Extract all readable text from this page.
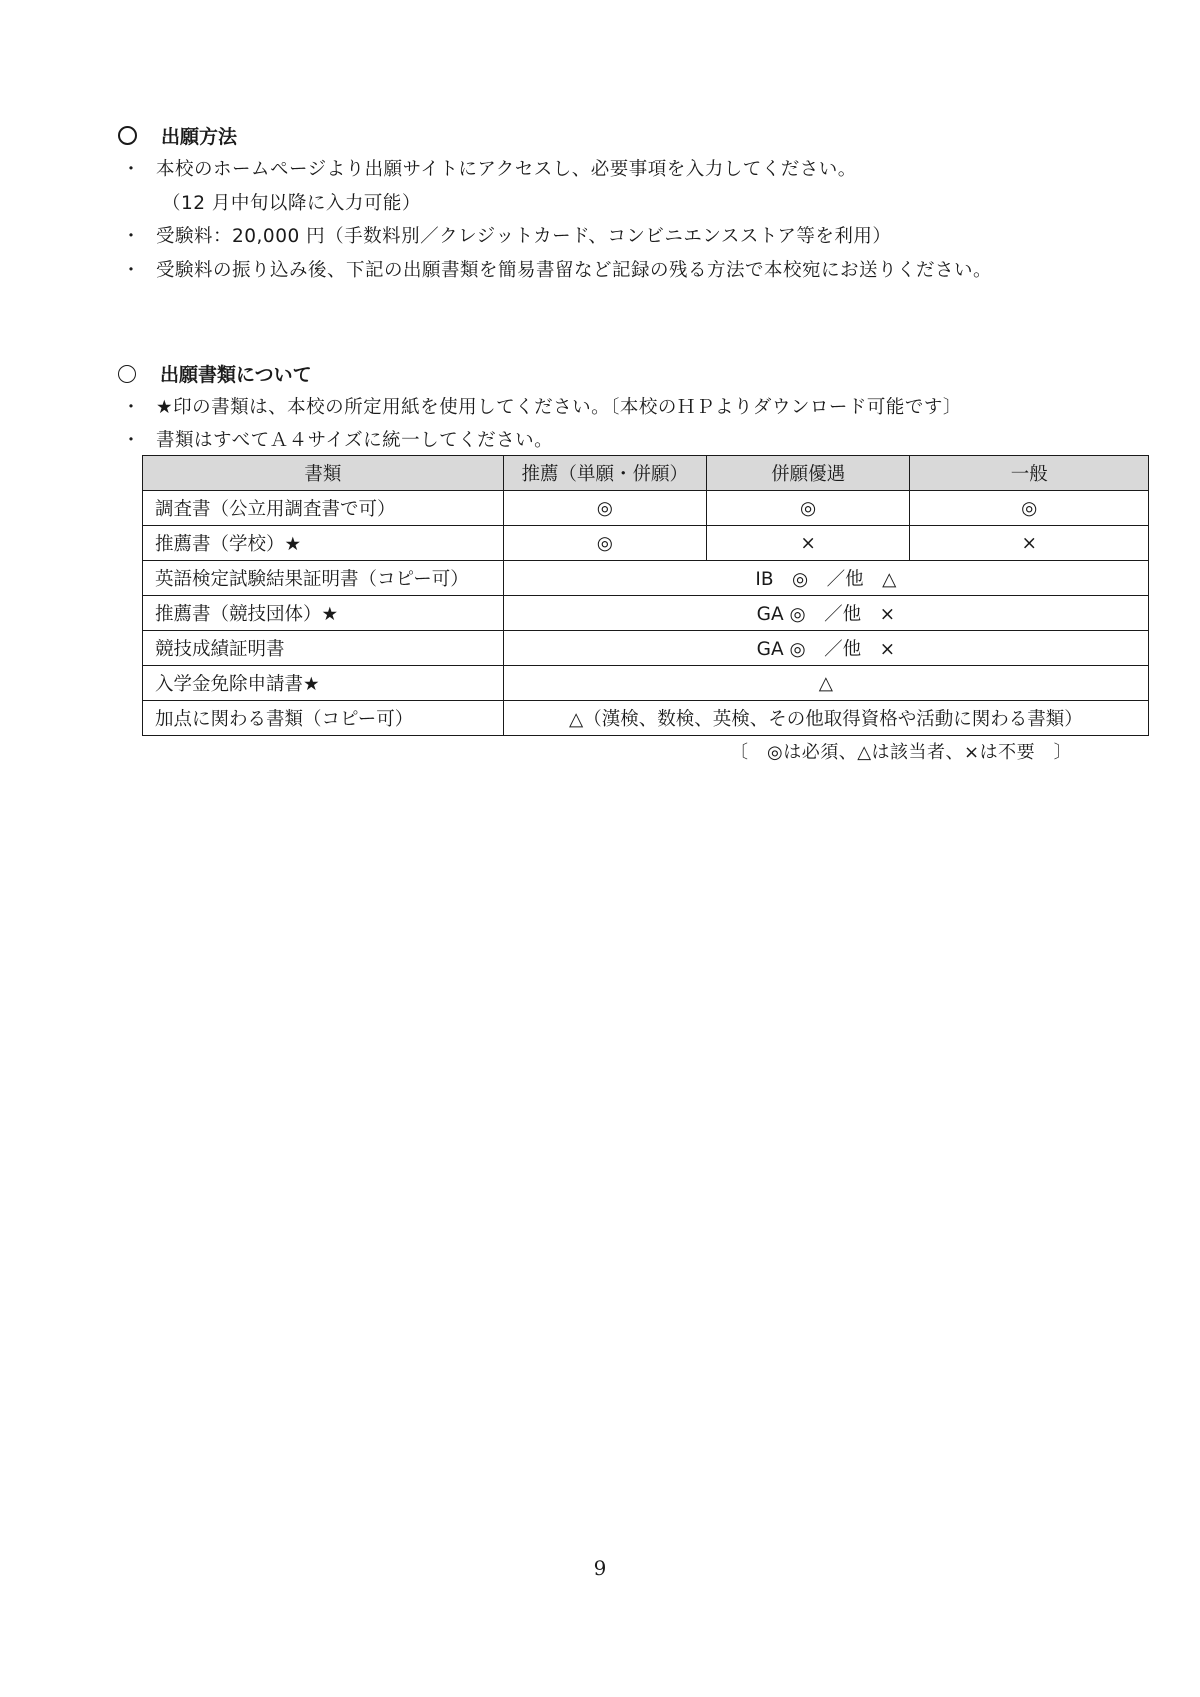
出願方法
・ 本校のホームページより出願サイトにアクセスし、必要事項を入力してください。
（12 月中旬以降に入力可能）
・ 受験料：20,000 円（手数料別／クレジットカード、コンビニエンスストア等を利用）
・ 受験料の振り込み後、下記の出願書類を簡易書留など記録の残る方法で本校宛にお送りください。
出願書類について
・ ★印の書類は、本校の所定用紙を使用してください。〔本校のＨＰよりダウンロード可能です〕
・ 書類はすべてＡ４サイズに統一してください。
書類	推薦（単願・併願）	併願優遇	一般
調査書（公立用調査書で可）	◎	◎	◎
推薦書（学校）★	◎	×	×
英語検定試験結果証明書（コピー可）	IB　◎　／他　△		
推薦書（競技団体）★	GA ◎　／他　×		
競技成績証明書	GA ◎　／他　×		
入学金免除申請書★	△		
加点に関わる書類（コピー可）	△（漢検、数検、英検、その他取得資格や活動に関わる書類）		
〔　◎は必須、△は該当者、×は不要　〕
9
